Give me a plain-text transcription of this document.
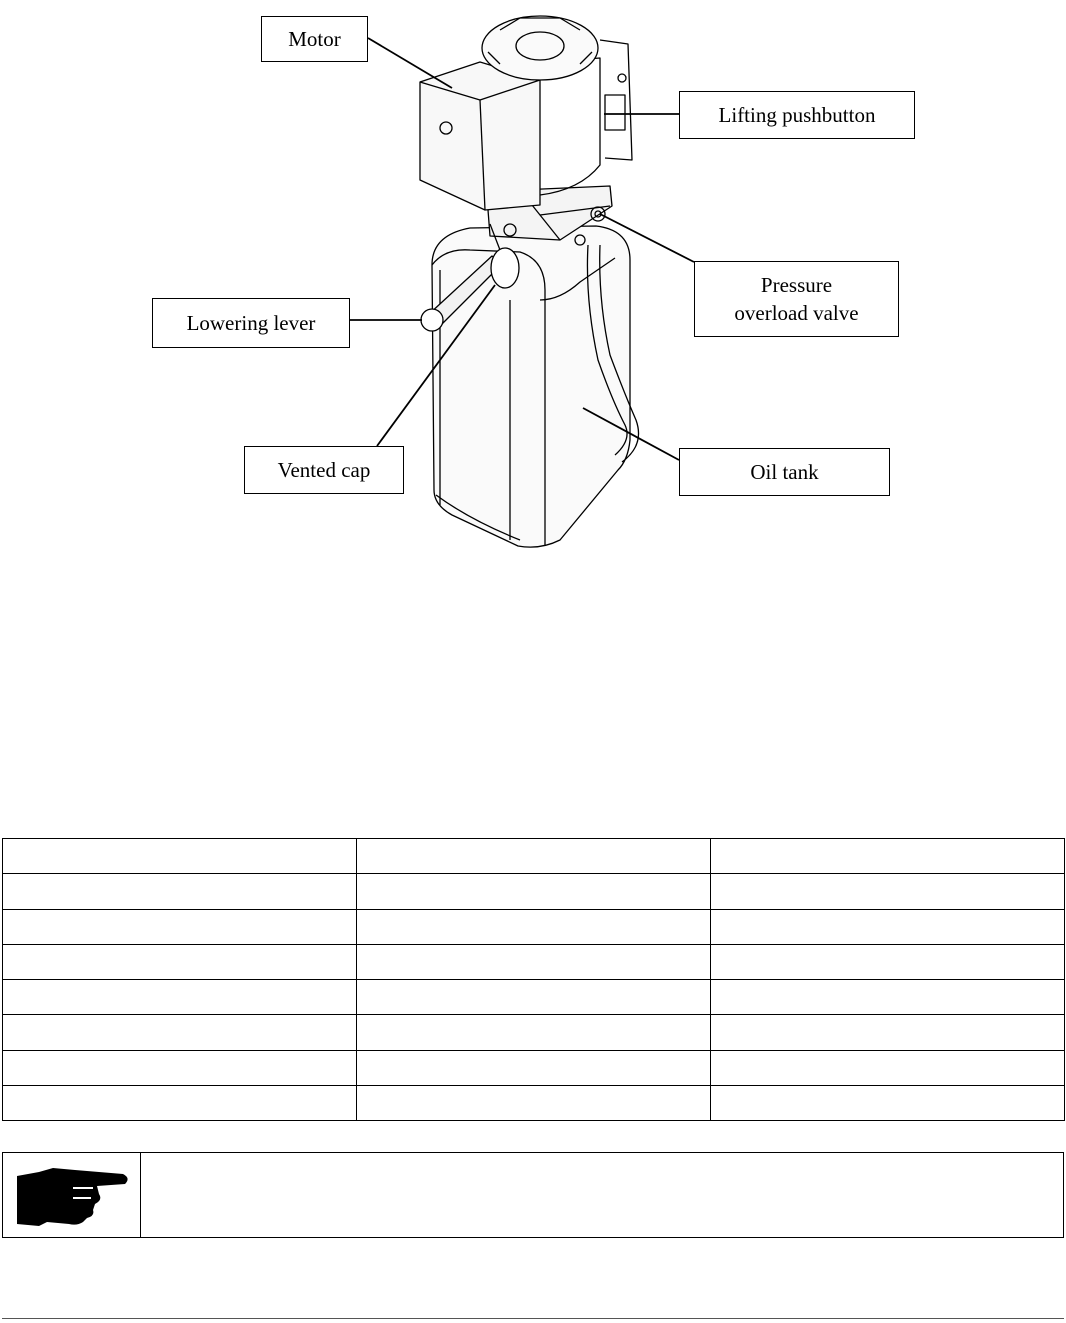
Motor
Lifting pushbutton
Pressure
overload valve
Lowering lever
Vented cap	Oil tank
